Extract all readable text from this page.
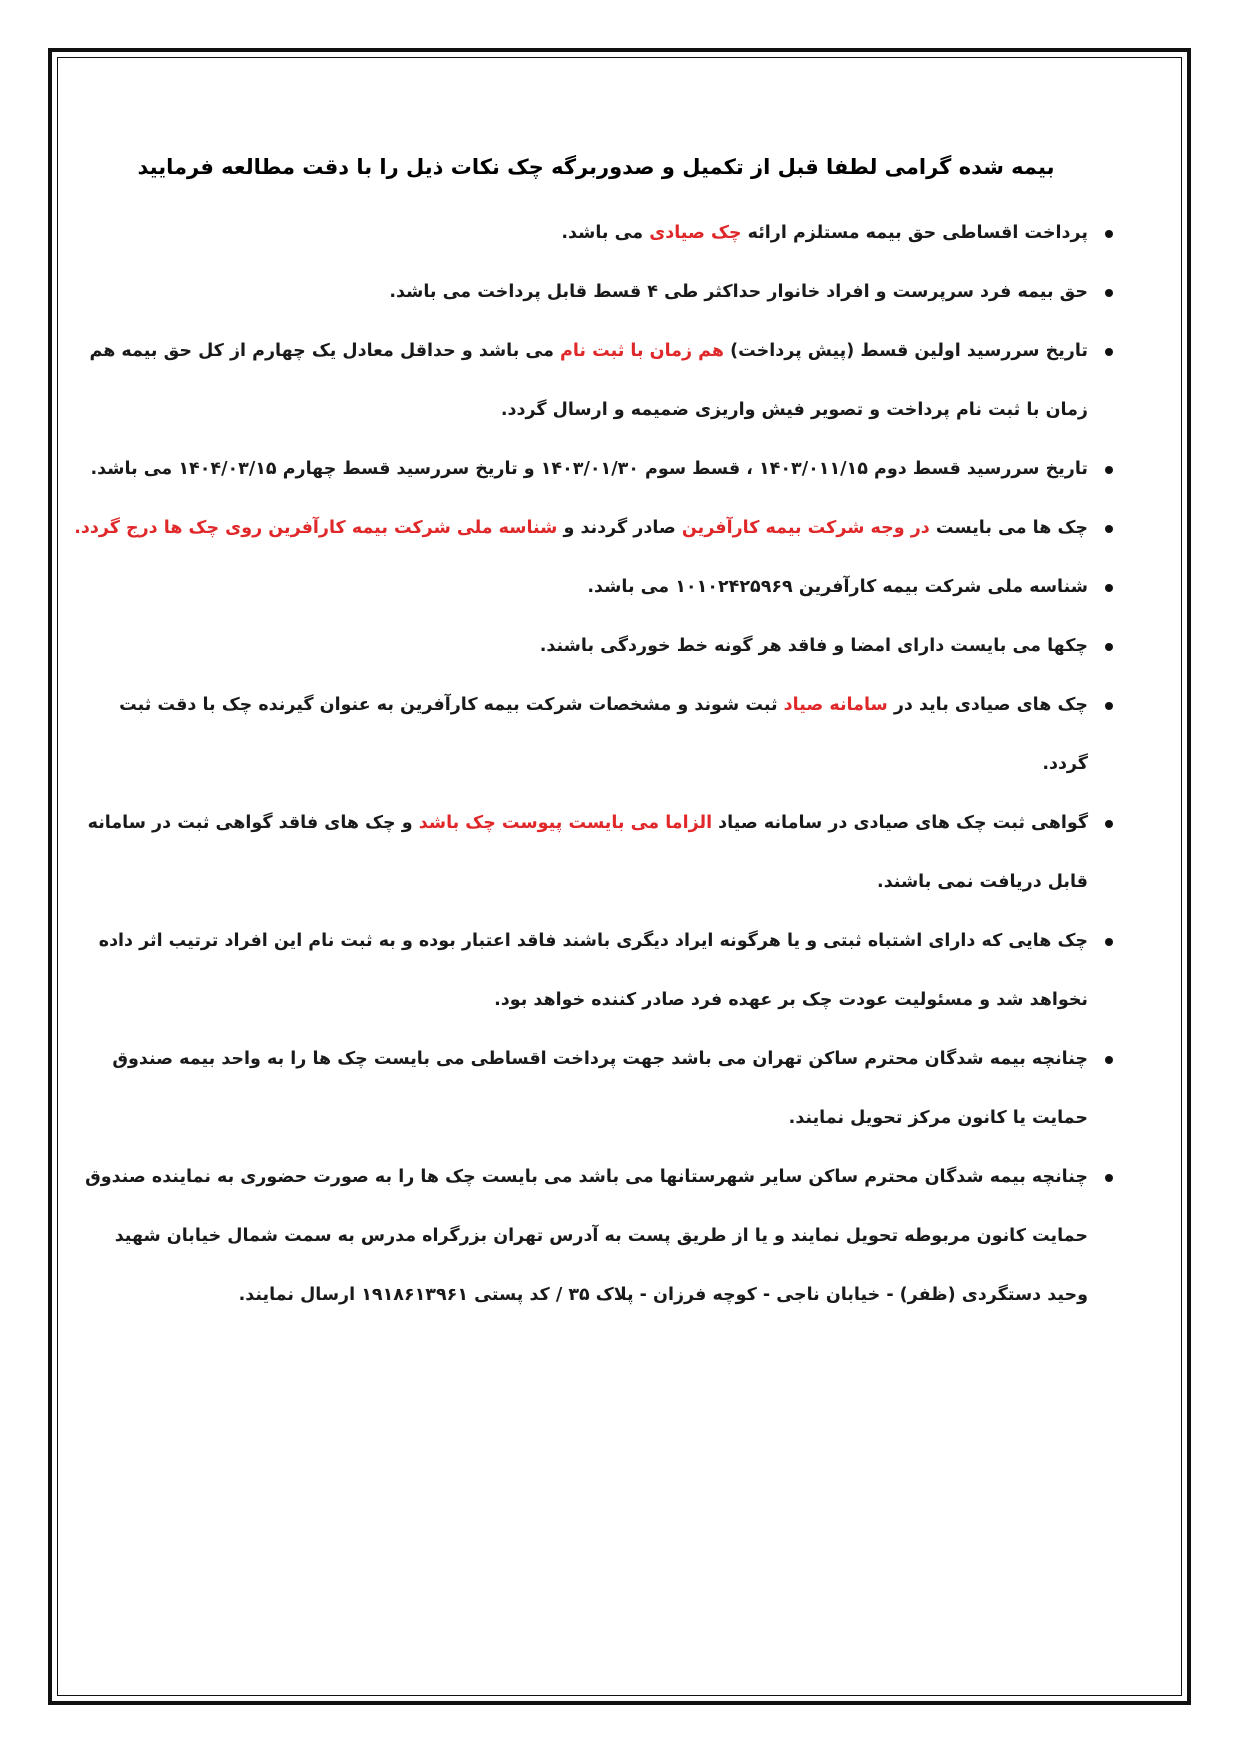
بیمه شده گرامی لطفا قبل از تکمیل و صدوربرگه چک نکات ذیل را با دقت مطالعه فرمایید
پرداخت اقساطی حق بیمه مستلزم ارائه چک صیادی می باشد.
حق بیمه فرد سرپرست و افراد خانوار حداکثر طی ۴ قسط قابل پرداخت می باشد.
تاریخ سررسید اولین قسط (پیش پرداخت) هم زمان با ثبت نام می باشد و حداقل معادل یک چهارم از کل حق بیمه هم زمان با ثبت نام پرداخت و تصویر فیش واریزی ضمیمه و ارسال گردد.
تاریخ سررسید قسط دوم ۱۴۰۳/۰۱۱/۱۵ ، قسط سوم ۱۴۰۳/۰۱/۳۰ و تاریخ سررسید قسط چهارم ۱۴۰۴/۰۳/۱۵ می باشد.
چک ها می بایست در وجه شرکت بیمه کارآفرین صادر گردند و شناسه ملی شرکت بیمه کارآفرین روی چک ها درج گردد.
شناسه ملی شرکت بیمه کارآفرین ۱۰۱۰۲۴۲۵۹۶۹ می باشد.
چکها می بایست دارای امضا و فاقد هر گونه خط خوردگی باشند.
چک های صیادی باید در سامانه صیاد ثبت شوند و مشخصات شرکت بیمه کارآفرین به عنوان گیرنده چک با دقت ثبت گردد.
گواهی ثبت چک های صیادی در سامانه صیاد الزاما می بایست پیوست چک باشد و چک های فاقد گواهی ثبت در سامانه قابل دریافت نمی باشند.
چک هایی که دارای اشتباه ثبتی و یا هرگونه ایراد دیگری باشند فاقد اعتبار بوده و به ثبت نام این افراد ترتیب اثر داده نخواهد شد و مسئولیت عودت چک بر عهده فرد صادر کننده خواهد بود.
چنانچه بیمه شدگان محترم ساکن تهران می باشد جهت پرداخت اقساطی می بایست چک ها را به واحد بیمه صندوق حمایت یا کانون مرکز تحویل نمایند.
چنانچه بیمه شدگان محترم ساکن سایر شهرستانها می باشد می بایست چک ها را به صورت حضوری به نماینده صندوق حمایت کانون مربوطه تحویل نمایند و یا از طریق پست به آدرس تهران بزرگراه مدرس به سمت شمال خیابان شهید وحید دستگردی (ظفر) - خیابان ناجی - کوچه فرزان - پلاک ۳۵ / کد پستی ۱۹۱۸۶۱۳۹۶۱ ارسال نمایند.
